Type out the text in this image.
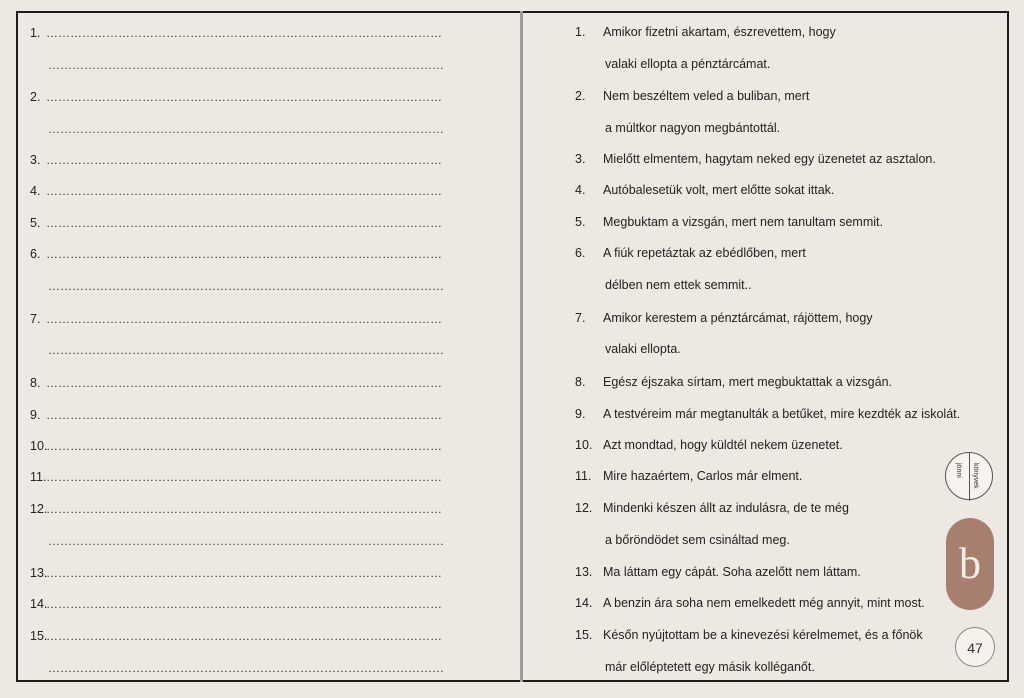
1. ………………………………………………………………………………………
………………………………………………………………………………………
2. ………………………………………………………………………………………
………………………………………………………………………………………
3. ………………………………………………………………………………………
4. ………………………………………………………………………………………
5. ………………………………………………………………………………………
6. ………………………………………………………………………………………
………………………………………………………………………………………
7. ………………………………………………………………………………………
………………………………………………………………………………………
8. ………………………………………………………………………………………
9. ………………………………………………………………………………………
10.………………………………………………………………………………………
11.………………………………………………………………………………………
12.………………………………………………………………………………………
………………………………………………………………………………………
13.………………………………………………………………………………………
14.………………………………………………………………………………………
15.………………………………………………………………………………………
………………………………………………………………………………………
1. Amikor fizetni akartam, észrevettem, hogy
valaki ellopta a pénztárcámat.
2. Nem beszéltem veled a buliban, mert
a múltkor nagyon megbántottál.
3. Mielőtt elmentem, hagytam neked egy üzenetet az asztalon.
4. Autóbalesetük volt, mert előtte sokat ittak.
5. Megbuktam a vizsgán, mert nem tanultam semmit.
6. A fiúk repetáztak az ebédlőben, mert
délben nem ettek semmit..
7. Amikor kerestem a pénztárcámat, rájöttem, hogy
valaki ellopta.
8. Egész éjszaka sírtam, mert megbuktattak a vizsgán.
9. A testvéreim már megtanulták a betűket, mire kezdték az iskolát.
10. Azt mondtad, hogy küldtél nekem üzenetet.
11. Mire hazaértem, Carlos már elment.
12. Mindenki készen állt az indulásra, de te még
a bőröndödet sem csináltad meg.
13. Ma láttam egy cápát. Soha azelőtt nem láttam.
14. A benzin ára soha nem emelkedett még annyit, mint most.
15. Későn nyújtottam be a kinevezési kérelmemet, és a főnök
már előléptetett egy másik kolléganőt.
könyvek
jönni
b
47
